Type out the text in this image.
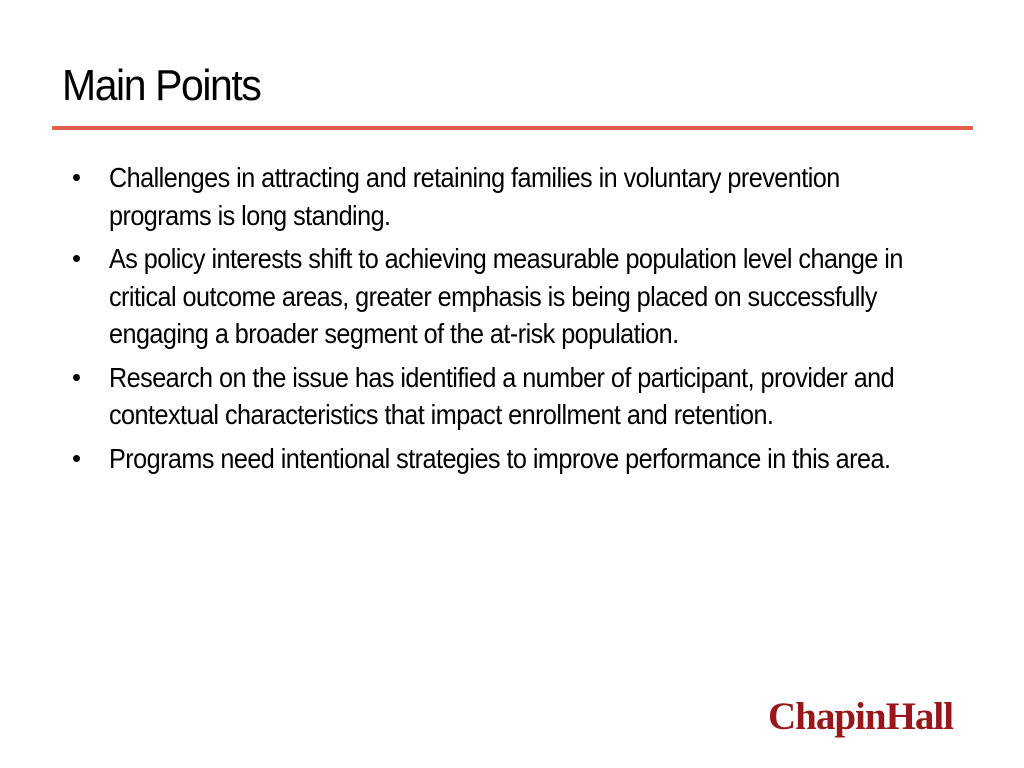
Main Points
• Challenges in attracting and retaining families in voluntary prevention programs is long standing.
• As policy interests shift to achieving measurable population level change in critical outcome areas, greater emphasis is being placed on successfully engaging a broader segment of the at-risk population.
• Research on the issue has identified a number of participant, provider and contextual characteristics that impact enrollment and retention.
• Programs need intentional strategies to improve performance in this area.
ChapinHall
